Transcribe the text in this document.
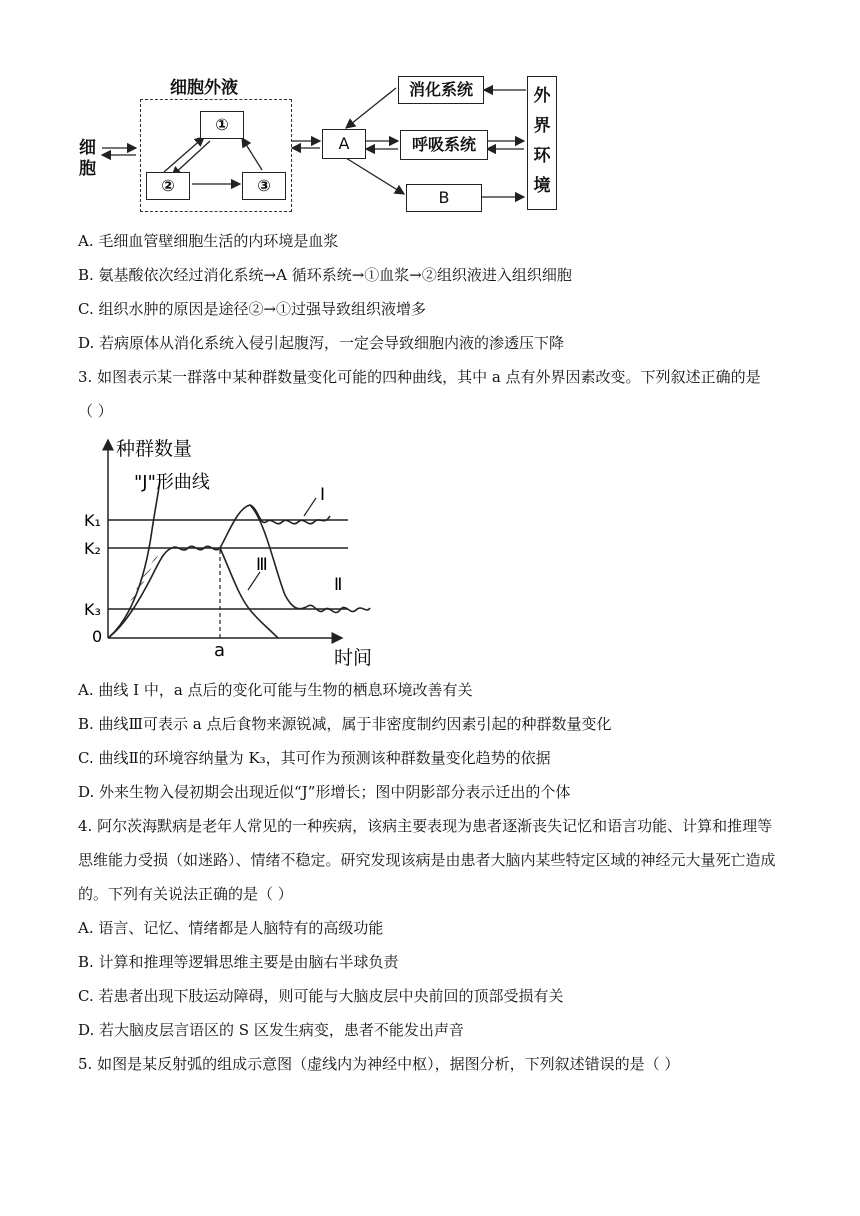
细胞外液
细
胞
①
②	③
A
消化系统
呼吸系统
B
外
界
环
境
A. 毛细血管壁细胞生活的内环境是血浆
B. 氨基酸依次经过消化系统→A 循环系统→①血浆→②组织液进入组织细胞
C. 组织水肿的原因是途径②→①过强导致组织液增多
D. 若病原体从消化系统入侵引起腹泻，一定会导致细胞内液的渗透压下降
3. 如图表示某一群落中某种群数量变化可能的四种曲线，其中 a 点有外界因素改变。下列叙述正确的是
（ ）
种群数量
"J"形曲线
K₁
K₂
K₃
0
a	时间
I
Ⅱ
Ⅲ
A. 曲线 I 中，a 点后的变化可能与生物的栖息环境改善有关
B. 曲线Ⅲ可表示 a 点后食物来源锐减，属于非密度制约因素引起的种群数量变化
C. 曲线Ⅱ的环境容纳量为 K₃，其可作为预测该种群数量变化趋势的依据
D. 外来生物入侵初期会出现近似“J”形增长；图中阴影部分表示迁出的个体
4. 阿尔茨海默病是老年人常见的一种疾病，该病主要表现为患者逐渐丧失记忆和语言功能、计算和推理等
思维能力受损（如迷路）、情绪不稳定。研究发现该病是由患者大脑内某些特定区域的神经元大量死亡造成
的。下列有关说法正确的是（ ）
A. 语言、记忆、情绪都是人脑特有的高级功能
B. 计算和推理等逻辑思维主要是由脑右半球负责
C. 若患者出现下肢运动障碍，则可能与大脑皮层中央前回的顶部受损有关
D. 若大脑皮层言语区的 S 区发生病变，患者不能发出声音
5. 如图是某反射弧的组成示意图（虚线内为神经中枢），据图分析，下列叙述错误的是（ ）
